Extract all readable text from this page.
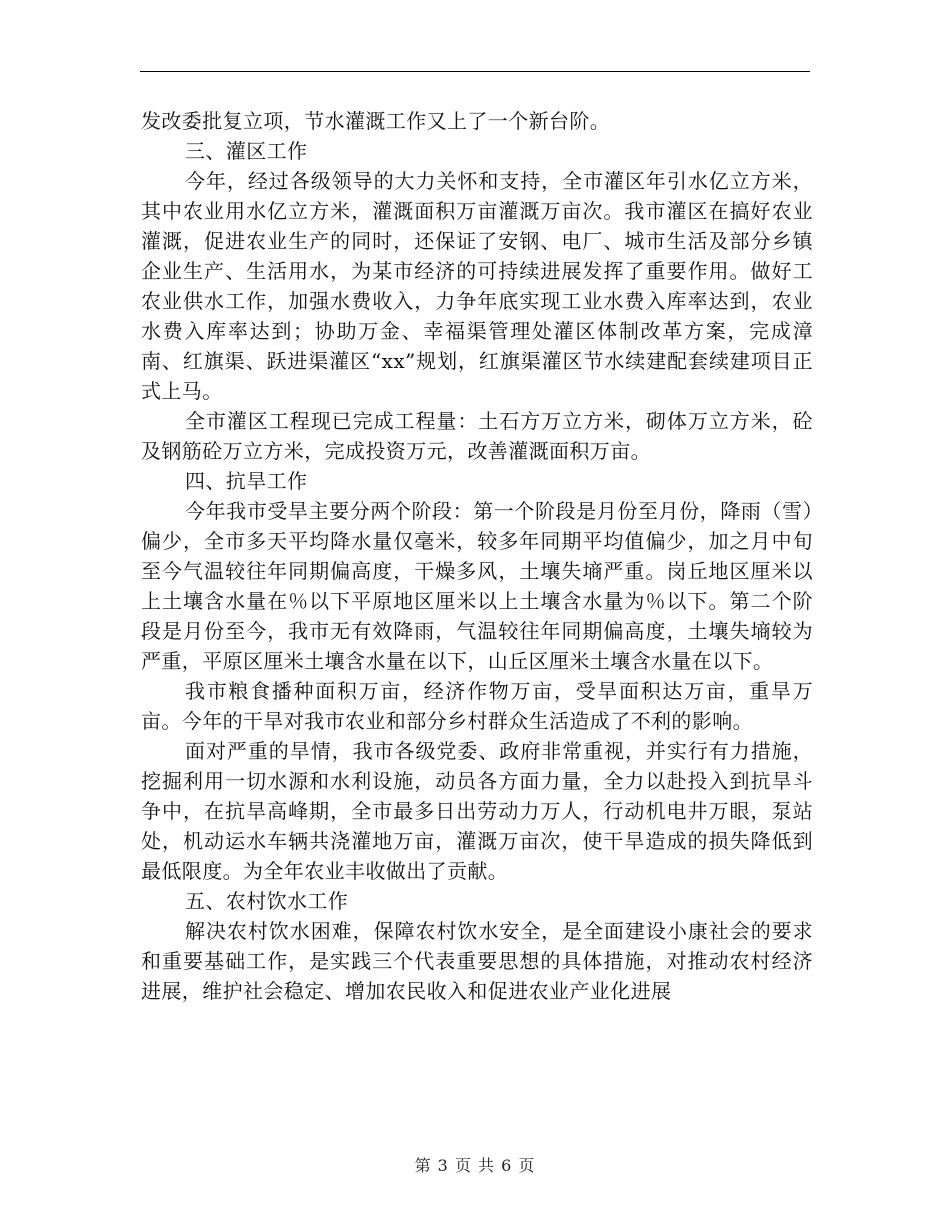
发改委批复立项，节水灌溉工作又上了一个新台阶。

三、灌区工作

今年，经过各级领导的大力关怀和支持，全市灌区年引水亿立方米，其中农业用水亿立方米，灌溉面积万亩灌溉万亩次。我市灌区在搞好农业灌溉，促进农业生产的同时，还保证了安钢、电厂、城市生活及部分乡镇企业生产、生活用水，为某市经济的可持续进展发挥了重要作用。做好工农业供水工作，加强水费收入，力争年底实现工业水费入库率达到，农业水费入库率达到；协助万金、幸福渠管理处灌区体制改革方案，完成漳南、红旗渠、跃进渠灌区“xx”规划，红旗渠灌区节水续建配套续建项目正式上马。

全市灌区工程现已完成工程量：土石方万立方米，砌体万立方米，砼及钢筋砼万立方米，完成投资万元，改善灌溉面积万亩。

四、抗旱工作

今年我市受旱主要分两个阶段：第一个阶段是月份至月份，降雨（雪）偏少，全市多天平均降水量仅毫米，较多年同期平均值偏少，加之月中旬至今气温较往年同期偏高度，干燥多风，土壤失墒严重。岗丘地区厘米以上土壤含水量在％以下平原地区厘米以上土壤含水量为％以下。第二个阶段是月份至今，我市无有效降雨，气温较往年同期偏高度，土壤失墒较为严重，平原区厘米土壤含水量在以下，山丘区厘米土壤含水量在以下。

我市粮食播种面积万亩，经济作物万亩，受旱面积达万亩，重旱万亩。今年的干旱对我市农业和部分乡村群众生活造成了不利的影响。

面对严重的旱情，我市各级党委、政府非常重视，并实行有力措施，挖掘利用一切水源和水利设施，动员各方面力量，全力以赴投入到抗旱斗争中，在抗旱高峰期，全市最多日出劳动力万人，行动机电井万眼，泵站处，机动运水车辆共浇灌地万亩，灌溉万亩次，使干旱造成的损失降低到最低限度。为全年农业丰收做出了贡献。

五、农村饮水工作

解决农村饮水困难，保障农村饮水安全，是全面建设小康社会的要求和重要基础工作，是实践三个代表重要思想的具体措施，对推动农村经济进展，维护社会稳定、增加农民收入和促进农业产业化进展

第 3 页 共 6 页
